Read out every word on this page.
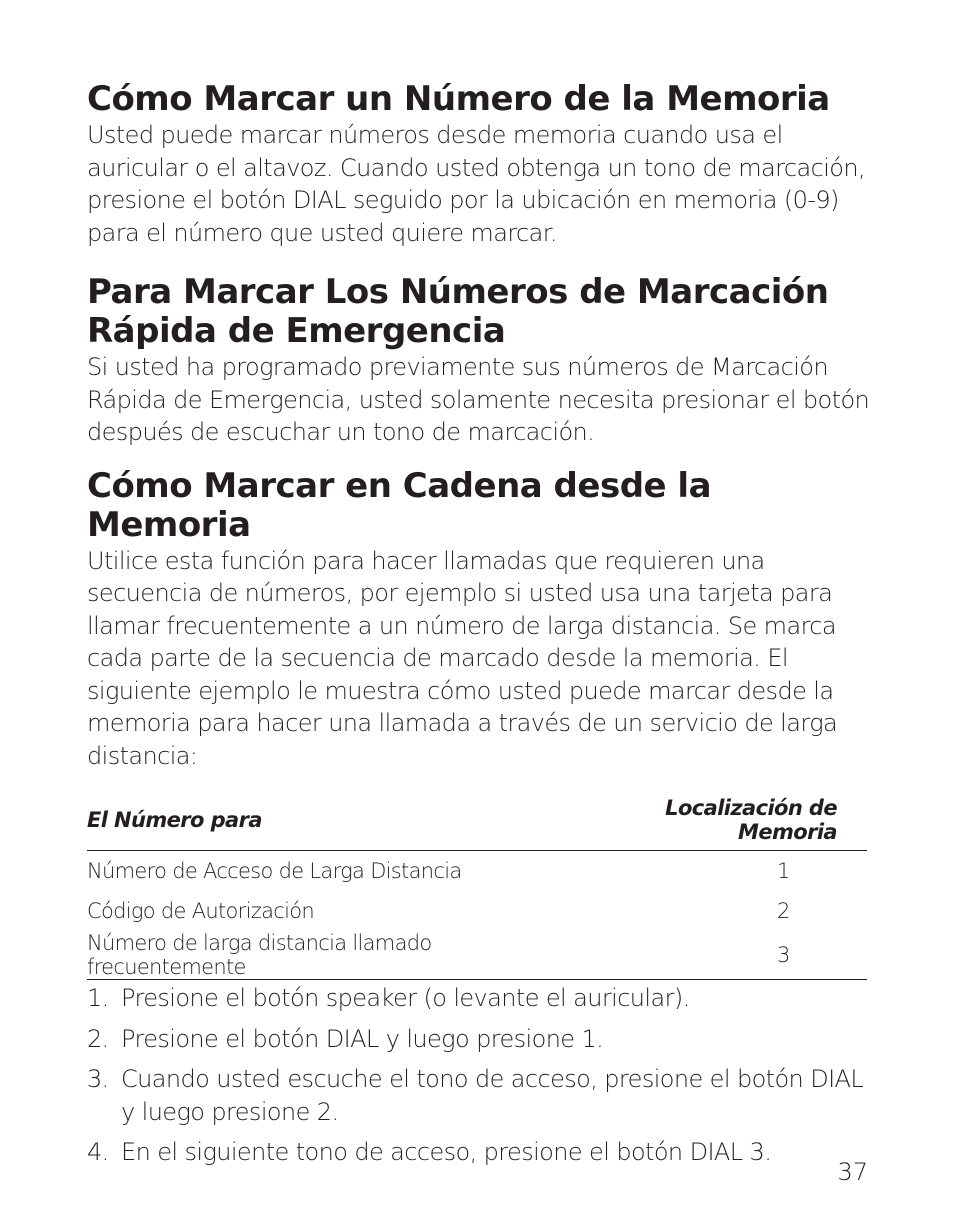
Cómo Marcar un Número de la Memoria

Usted puede marcar números desde memoria cuando usa el auricular o el altavoz. Cuando usted obtenga un tono de marcación, presione el botón DIAL seguido por la ubicación en memoria (0-9) para el número que usted quiere marcar.

Para Marcar Los Números de Marcación Rápida de Emergencia

Si usted ha programado previamente sus números de Marcación Rápida de Emergencia, usted solamente necesita presionar el botón después de escuchar un tono de marcación.

Cómo Marcar en Cadena desde la Memoria

Utilice esta función para hacer llamadas que requieren una secuencia de números, por ejemplo si usted usa una tarjeta para llamar frecuentemente a un número de larga distancia. Se marca cada parte de la secuencia de marcado desde la memoria. El siguiente ejemplo le muestra cómo usted puede marcar desde la memoria para hacer una llamada a través de un servicio de larga distancia:

El Número para	Localización de Memoria	
Número de Acceso de Larga Distancia		1
Código de Autorización		2
Número de larga distancia llamado frecuentemente		3
1. Presione el botón speaker (o levante el auricular).
2. Presione el botón DIAL y luego presione 1.
3. Cuando usted escuche el tono de acceso, presione el botón DIAL y luego presione 2.
4. En el siguiente tono de acceso, presione el botón DIAL 3.
37
